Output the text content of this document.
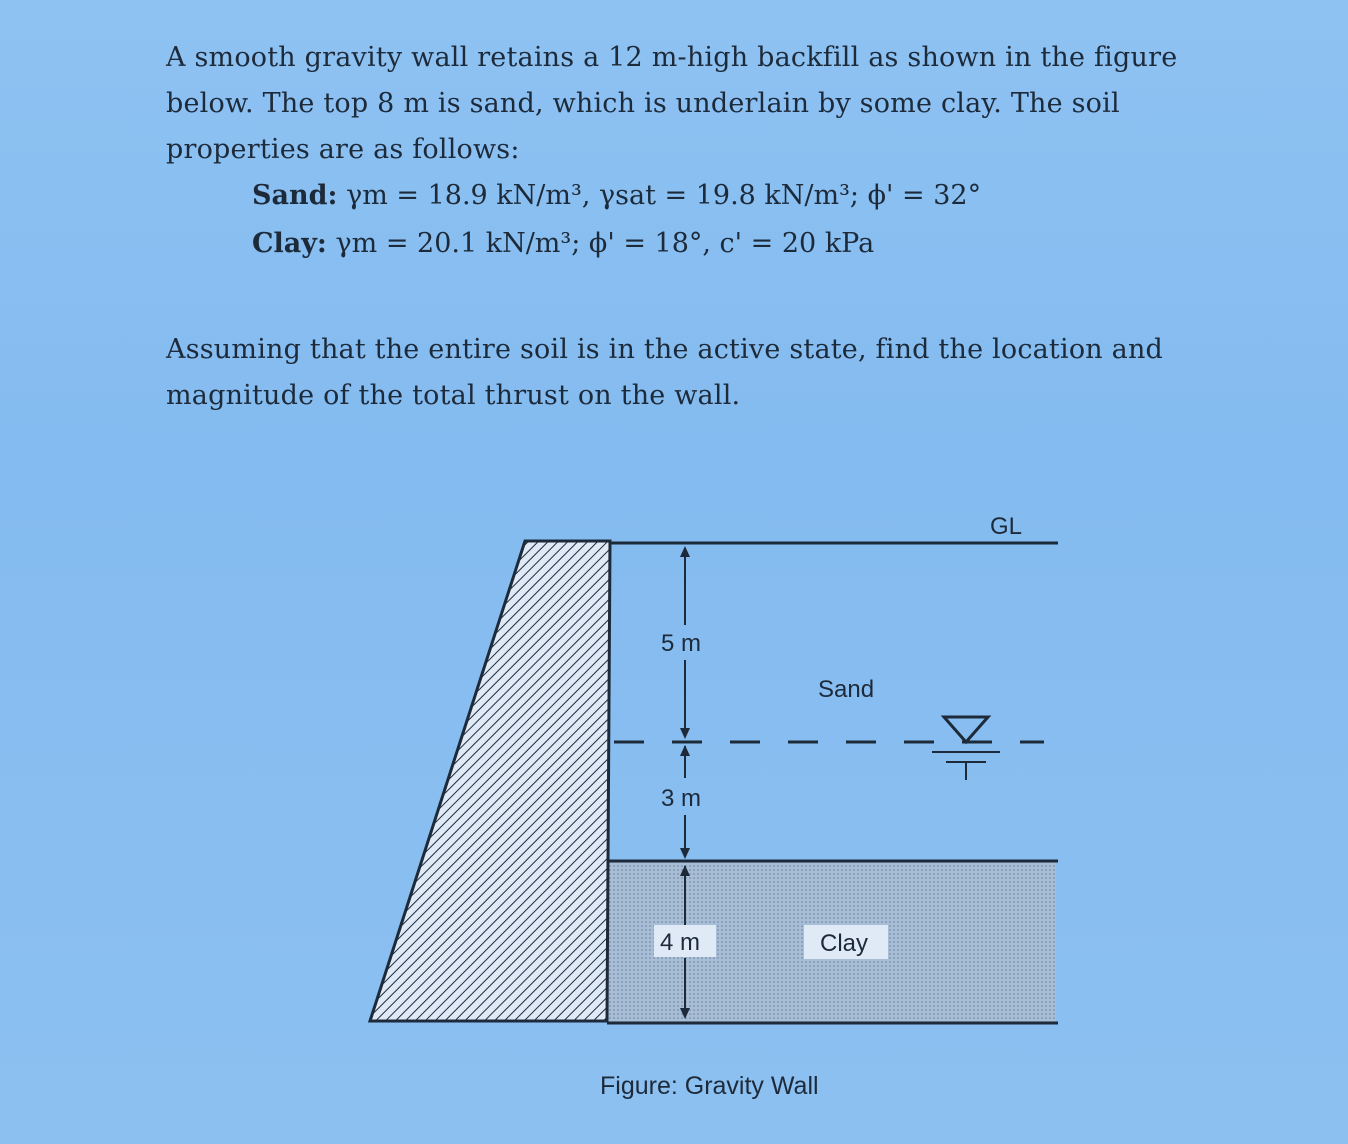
A smooth gravity wall retains a 12 m-high backfill as shown in the figure below. The top 8 m is sand, which is underlain by some clay. The soil properties are as follows:

Sand: γm = 18.9 kN/m³, γsat = 19.8 kN/m³; ϕ' = 32°
Clay: γm = 20.1 kN/m³; ϕ' = 18°, c' = 20 kPa

Assuming that the entire soil is in the active state, find the location and magnitude of the total thrust on the wall.

GL
5 m
3 m
4 m
Sand
Clay
Figure: Gravity Wall
